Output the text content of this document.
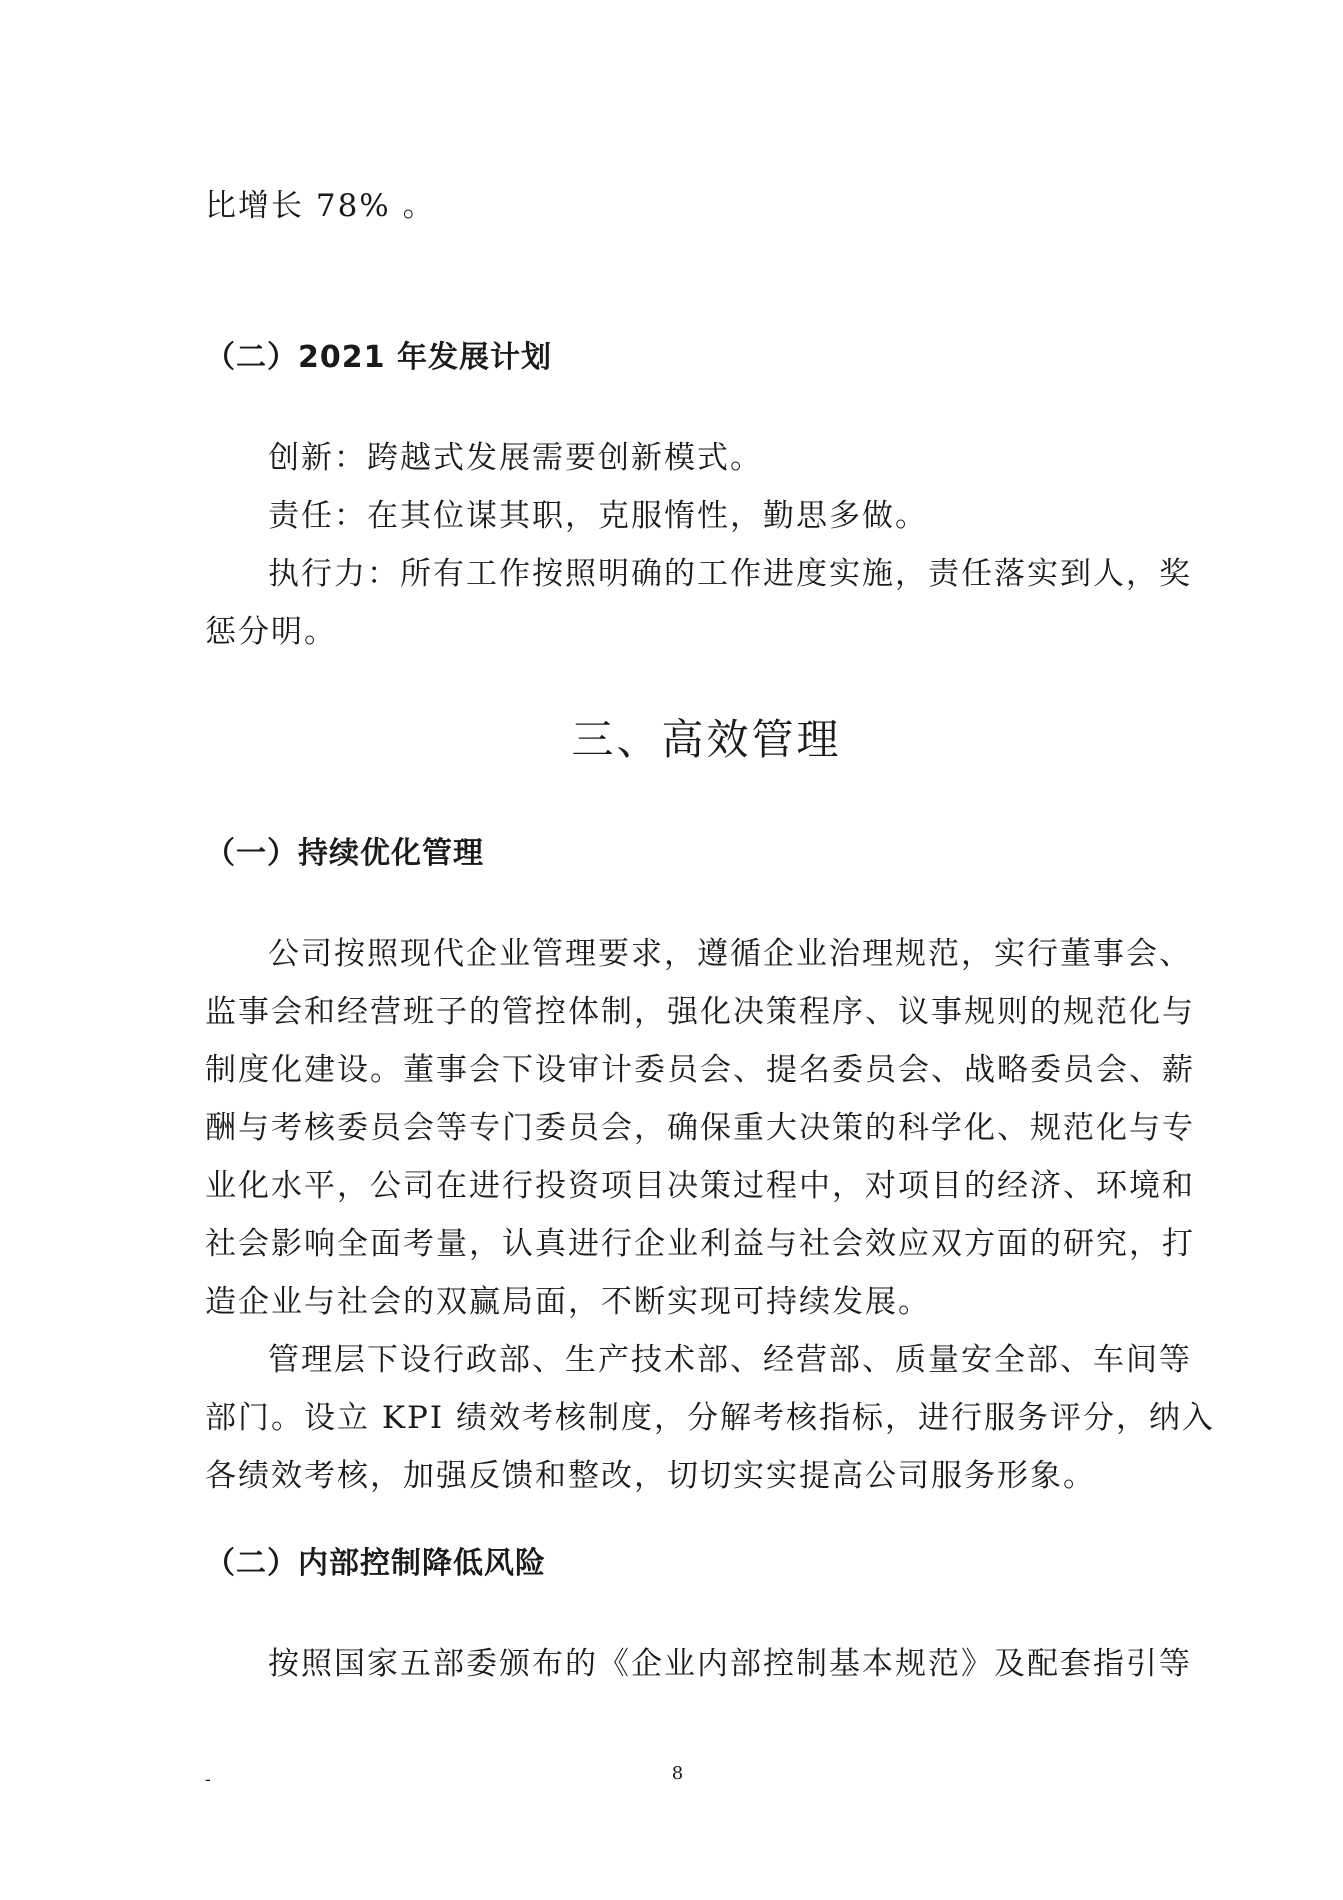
比增长 78% 。
（二）2021 年发展计划
创新：跨越式发展需要创新模式。
责任：在其位谋其职，克服惰性，勤思多做。
执行力：所有工作按照明确的工作进度实施，责任落实到人，奖
惩分明。
三、高效管理
（一）持续优化管理
公司按照现代企业管理要求，遵循企业治理规范，实行董事会、
监事会和经营班子的管控体制，强化决策程序、议事规则的规范化与
制度化建设。董事会下设审计委员会、提名委员会、战略委员会、薪
酬与考核委员会等专门委员会，确保重大决策的科学化、规范化与专
业化水平，公司在进行投资项目决策过程中，对项目的经济、环境和
社会影响全面考量，认真进行企业利益与社会效应双方面的研究，打
造企业与社会的双赢局面，不断实现可持续发展。
管理层下设行政部、生产技术部、经营部、质量安全部、车间等
部门。设立 KPI 绩效考核制度，分解考核指标，进行服务评分，纳入
各绩效考核，加强反馈和整改，切切实实提高公司服务形象。
（二）内部控制降低风险
按照国家五部委颁布的《企业内部控制基本规范》及配套指引等
-	8
